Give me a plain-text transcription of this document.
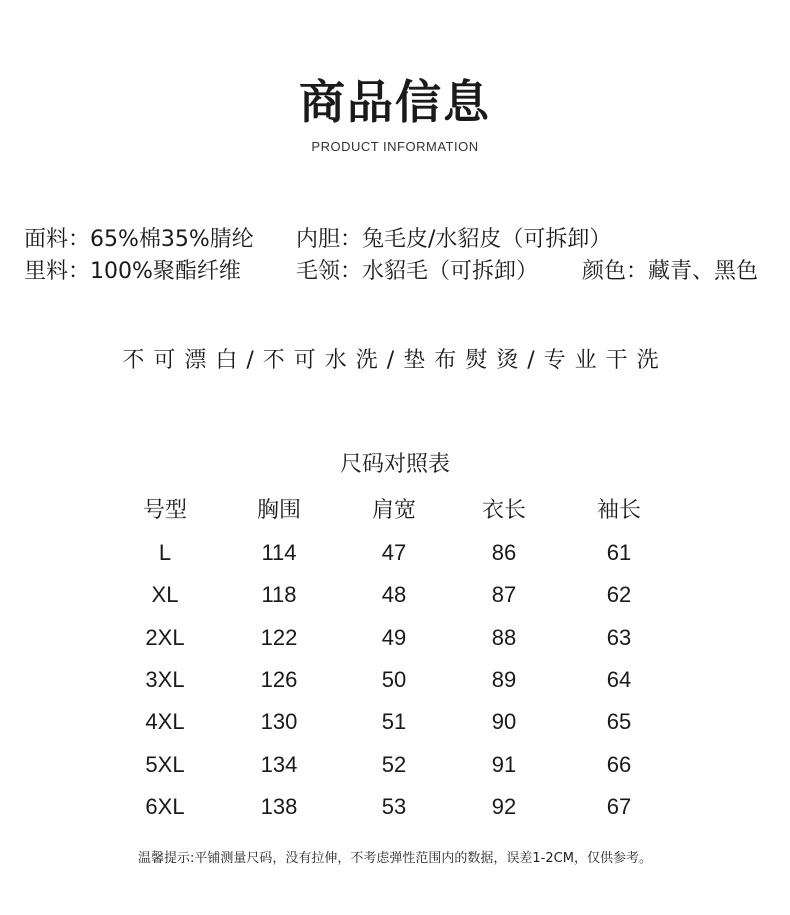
商品信息
PRODUCT INFORMATION
面料：65%棉35%腈纶 内胆：兔毛皮/水貂皮（可拆卸）
里料：100%聚酯纤维	毛领：水貂毛（可拆卸） 颜色：藏青、黑色
不可漂白/不可水洗/垫布熨烫/专业干洗
尺码对照表
号型	胸围	肩宽	衣长	袖长
L	114	47	86	61
XL	118	48	87	62
2XL	122	49	88	63
3XL	126	50	89	64
4XL	130	51	90	65
5XL	134	52	91	66
6XL	138	53	92	67
温馨提示:平铺测量尺码，没有拉伸，不考虑弹性范围内的数据，误差1-2CM，仅供参考。
